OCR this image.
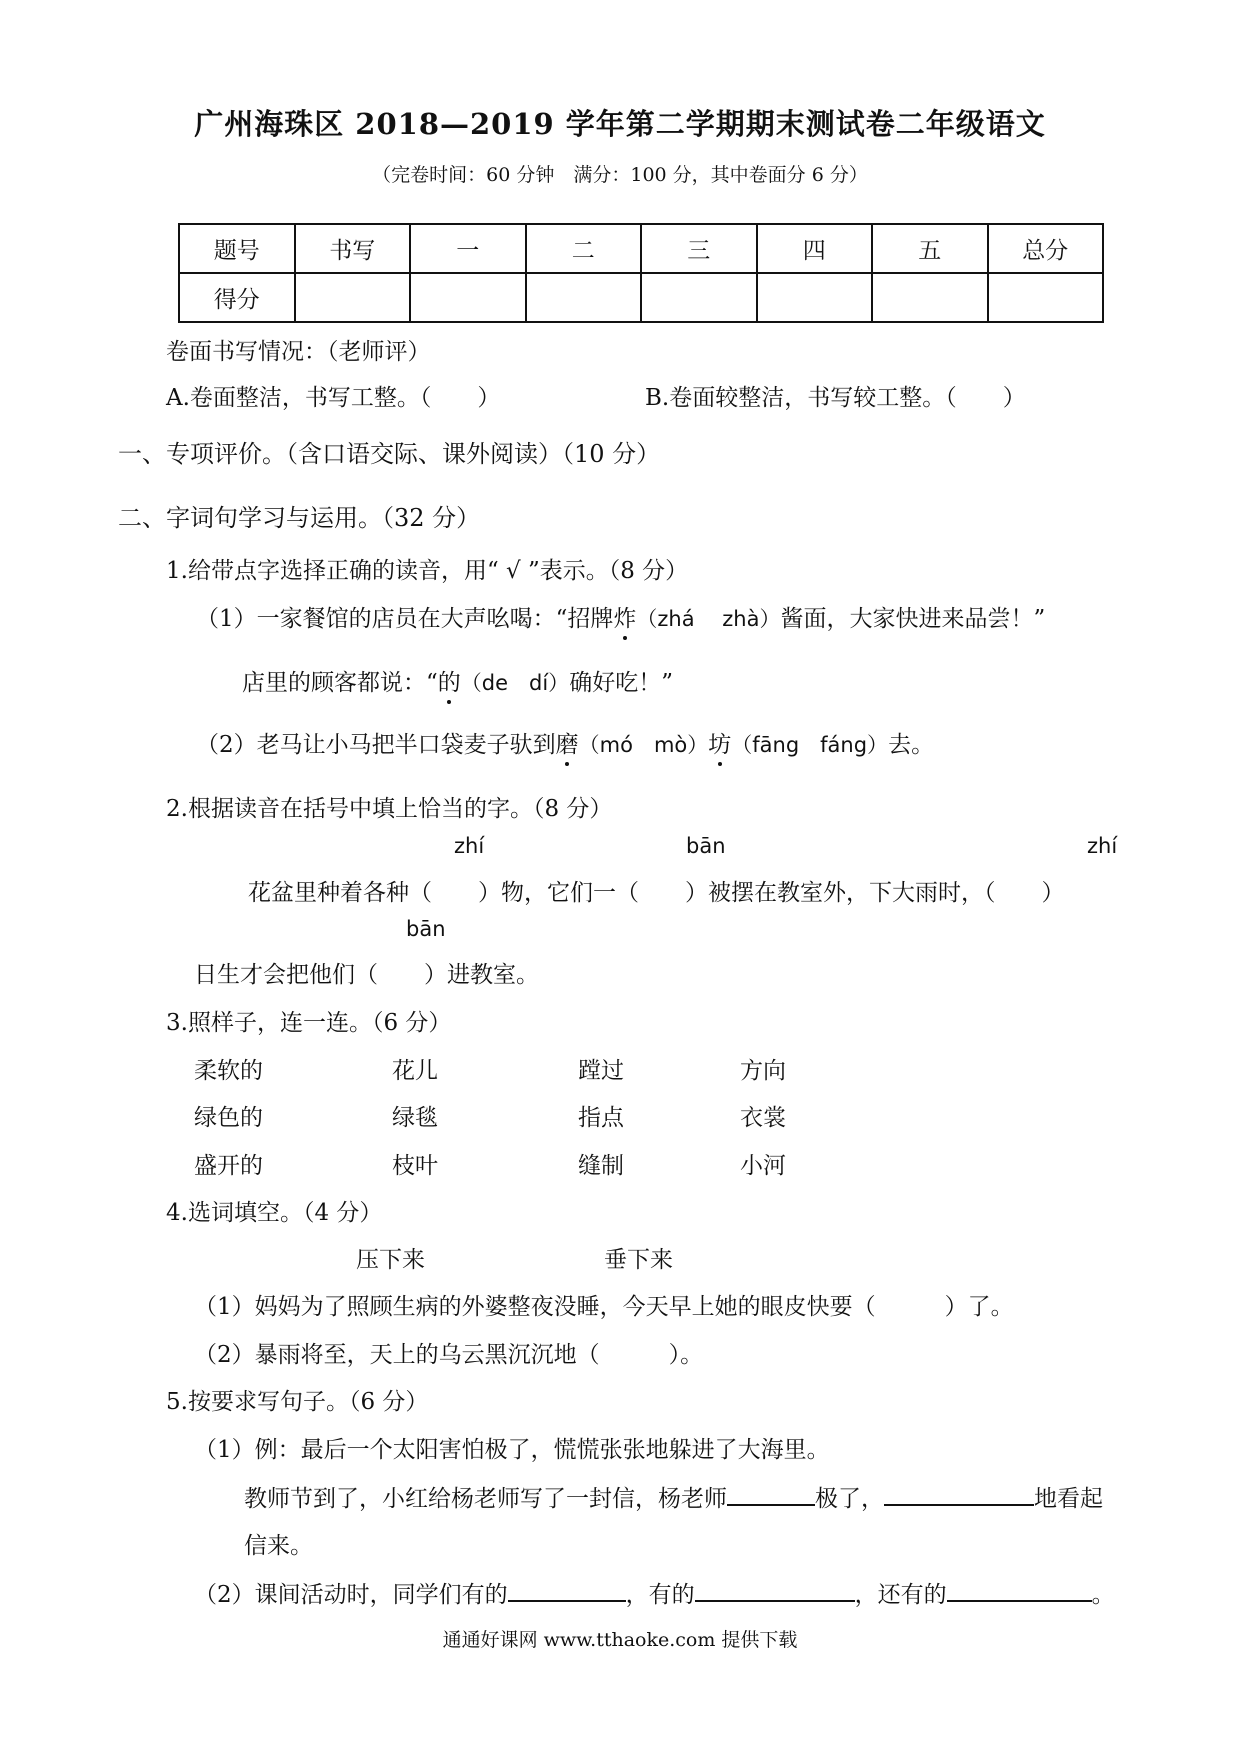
广州海珠区 2018—2019 学年第二学期期末测试卷二年级语文
（完卷时间：60 分钟　满分：100 分，其中卷面分 6 分）
题号	书写	一	二	三	四	五	总分
得分							
卷面书写情况：（老师评）
A.卷面整洁，书写工整。（　　）	B.卷面较整洁，书写较工整。（　　）
一、专项评价。（含口语交际、课外阅读）（10 分）
二、字词句学习与运用。（32 分）
1.给带点字选择正确的读音，用“ √ ”表示。（8 分）
（1）一家餐馆的店员在大声吆喝：“招牌炸（zhá　 zhà）酱面，大家快进来品尝！”
店里的顾客都说：“的（de　dí）确好吃！”
（2）老马让小马把半口袋麦子驮到磨（mó　mò）坊（fāng　fáng）去。
2.根据读音在括号中填上恰当的字。（8 分）
zhí	bān	zhí
花盆里种着各种（　　）物，它们一（　　）被摆在教室外，下大雨时，（　　）
bān
日生才会把他们（　　）进教室。
3.照样子，连一连。（6 分）
柔软的	花儿	蹚过	方向
绿色的	绿毯	指点	衣裳
盛开的	枝叶	缝制	小河
4.选词填空。（4 分）
压下来	垂下来
（1）妈妈为了照顾生病的外婆整夜没睡，今天早上她的眼皮快要（　　　）了。
（2）暴雨将至，天上的乌云黑沉沉地（　　　）。
5.按要求写句子。（6 分）
（1）例：最后一个太阳害怕极了，慌慌张张地躲进了大海里。
教师节到了，小红给杨老师写了一封信，杨老师	极了，	地看起
信来。
（2）课间活动时，同学们有的	，有的	，还有的	。
通通好课网 www.tthaoke.com 提供下载
